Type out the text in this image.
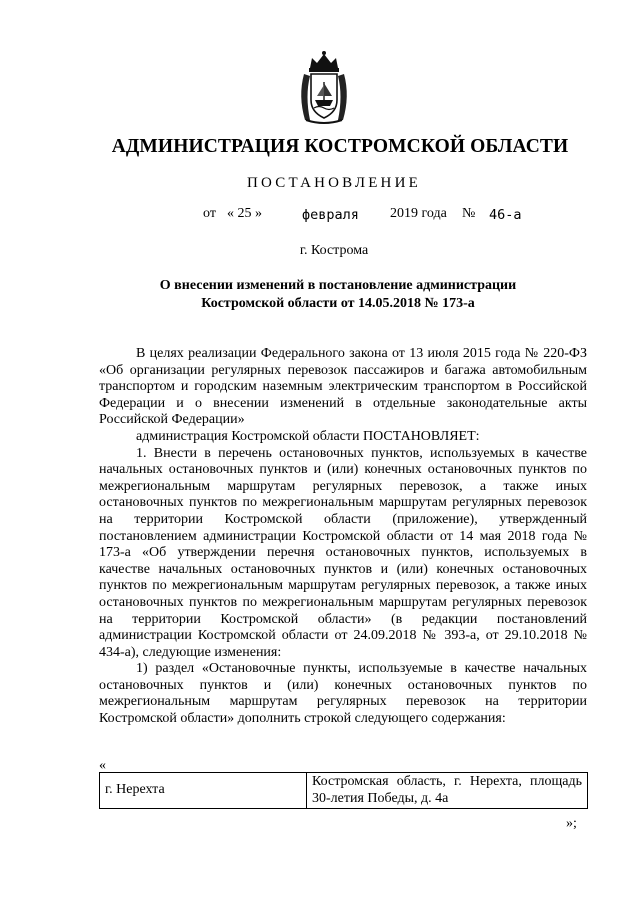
АДМИНИСТРАЦИЯ КОСТРОМСКОЙ ОБЛАСТИ
ПОСТАНОВЛЕНИЕ
от « 25 »	февраля 2019 года № 46-а
г. Кострома
О внесении изменений в постановление администрации
Костромской области от 14.05.2018 № 173-а

В целях реализации Федерального закона от 13 июля 2015 года № 220-ФЗ «Об организации регулярных перевозок пассажиров и багажа автомобильным транспортом и городским наземным электрическим транспортом в Российской Федерации и о внесении изменений в отдельные законодательные акты Российской Федерации»

администрация Костромской области ПОСТАНОВЛЯЕТ:

1. Внести в перечень остановочных пунктов, используемых в качестве начальных остановочных пунктов и (или) конечных остановочных пунктов по межрегиональным маршрутам регулярных перевозок, а также иных остановочных пунктов по межрегиональным маршрутам регулярных перевозок на территории Костромской области (приложение), утвержденный постановлением администрации Костромской области от 14 мая 2018 года № 173-а «Об утверждении перечня остановочных пунктов, используемых в качестве начальных остановочных пунктов и (или) конечных остановочных пунктов по межрегиональным маршрутам регулярных перевозок, а также иных остановочных пунктов по межрегиональным маршрутам регулярных перевозок на территории Костромской области» (в редакции постановлений администрации Костромской области от 24.09.2018 № 393-а, от 29.10.2018 № 434-а), следующие изменения:

1) раздел «Остановочные пункты, используемые в качестве начальных остановочных пунктов и (или) конечных остановочных пунктов по межрегиональным маршрутам регулярных перевозок на территории Костромской области» дополнить строкой следующего содержания:

«
г. Нерехта	Костромская область, г. Нерехта, площадь 30-летия Победы, д. 4а
»;
